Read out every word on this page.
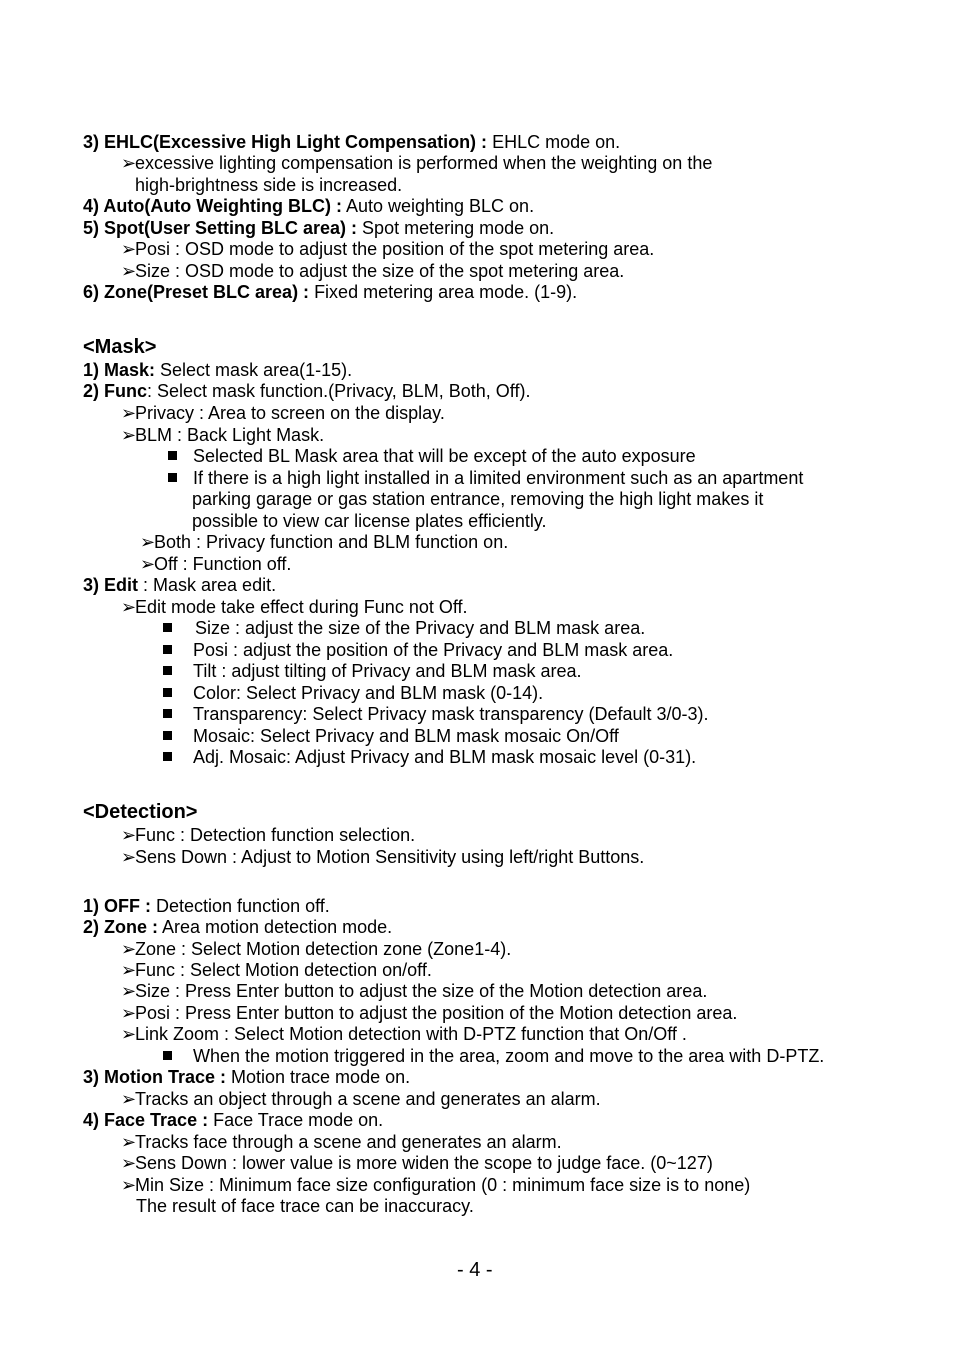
3) EHLC(Excessive High Light Compensation) : EHLC mode on.
➢excessive lighting compensation is performed when the weighting on the
high-brightness side is increased.
4) Auto(Auto Weighting BLC) : Auto weighting BLC on.
5) Spot(User Setting BLC area) : Spot metering mode on.
➢Posi : OSD mode to adjust the position of the spot metering area.
➢Size : OSD mode to adjust the size of the spot metering area.
6) Zone(Preset BLC area) : Fixed metering area mode. (1-9).
<Mask>
1) Mask: Select mask area(1-15).
2) Func: Select mask function.(Privacy, BLM, Both, Off).
➢Privacy : Area to screen on the display.
➢BLM : Back Light Mask.
Selected BL Mask area that will be except of the auto exposure
If there is a high light installed in a limited environment such as an apartment
parking garage or gas station entrance, removing the high light makes it
possible to view car license plates efficiently.
➢Both : Privacy function and BLM function on.
➢Off : Function off.
3) Edit : Mask area edit.
➢Edit mode take effect during Func not Off.
Size : adjust the size of the Privacy and BLM mask area.
Posi : adjust the position of the Privacy and BLM mask area.
Tilt : adjust tilting of Privacy and BLM mask area.
Color: Select Privacy and BLM mask (0-14).
Transparency: Select Privacy mask transparency (Default 3/0-3).
Mosaic: Select Privacy and BLM mask mosaic On/Off
Adj. Mosaic: Adjust Privacy and BLM mask mosaic level (0-31).
<Detection>
➢Func : Detection function selection.
➢Sens Down : Adjust to Motion Sensitivity using left/right Buttons.
1) OFF : Detection function off.
2) Zone : Area motion detection mode.
➢Zone : Select Motion detection zone (Zone1-4).
➢Func : Select Motion detection on/off.
➢Size : Press Enter button to adjust the size of the Motion detection area.
➢Posi : Press Enter button to adjust the position of the Motion detection area.
➢Link Zoom : Select Motion detection with D-PTZ function that On/Off .
When the motion triggered in the area, zoom and move to the area with D-PTZ.
3) Motion Trace : Motion trace mode on.
➢Tracks an object through a scene and generates an alarm.
4) Face Trace : Face Trace mode on.
➢Tracks face through a scene and generates an alarm.
➢Sens Down : lower value is more widen the scope to judge face. (0~127)
➢Min Size : Minimum face size configuration (0 : minimum face size is to none)
The result of face trace can be inaccuracy.
- 4 -
